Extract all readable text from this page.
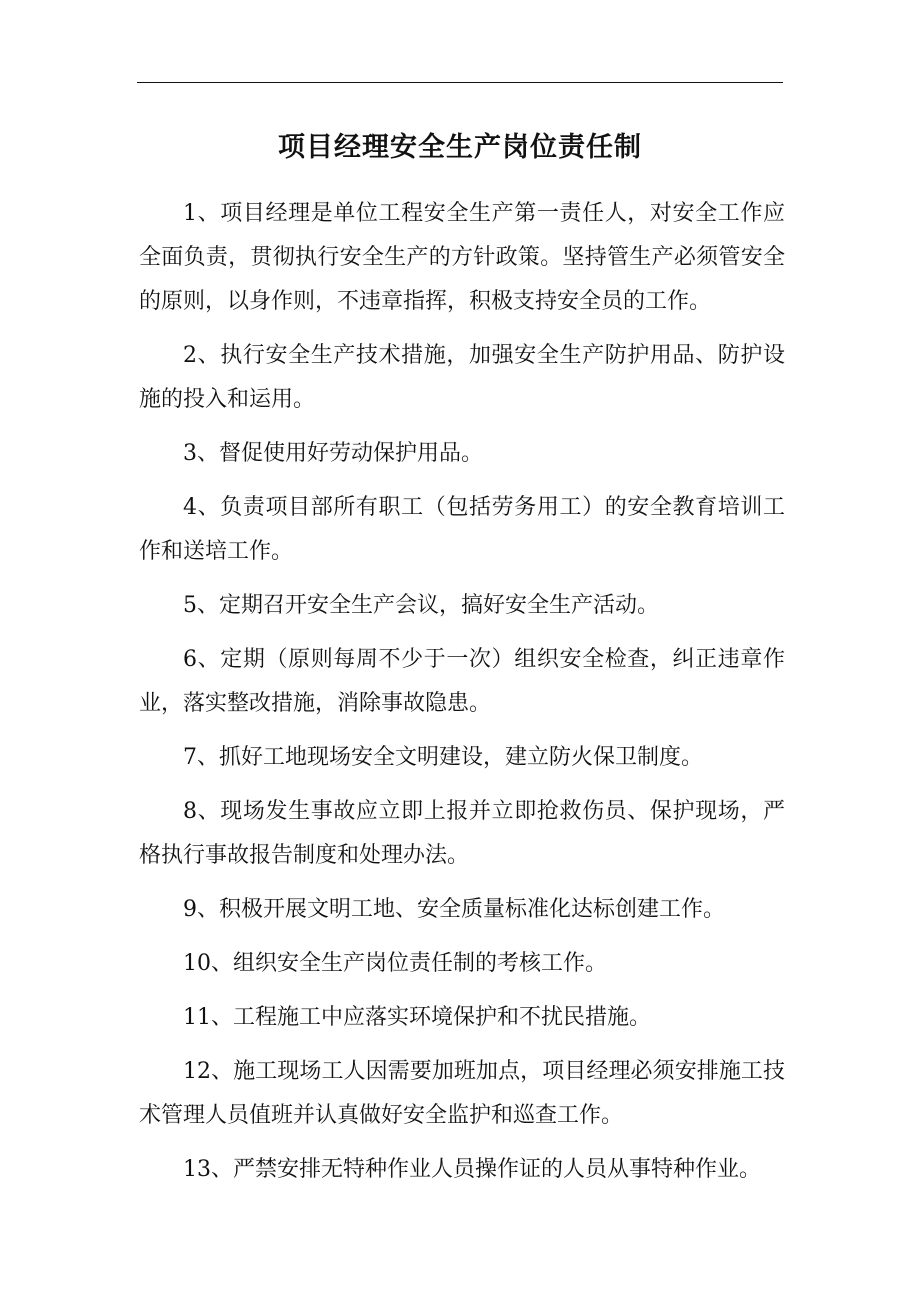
项目经理安全生产岗位责任制

1、项目经理是单位工程安全生产第一责任人，对安全工作应全面负责，贯彻执行安全生产的方针政策。坚持管生产必须管安全的原则，以身作则，不违章指挥，积极支持安全员的工作。

2、执行安全生产技术措施，加强安全生产防护用品、防护设施的投入和运用。

3、督促使用好劳动保护用品。

4、负责项目部所有职工（包括劳务用工）的安全教育培训工作和送培工作。

5、定期召开安全生产会议，搞好安全生产活动。

6、定期（原则每周不少于一次）组织安全检查，纠正违章作业，落实整改措施，消除事故隐患。

7、抓好工地现场安全文明建设，建立防火保卫制度。

8、现场发生事故应立即上报并立即抢救伤员、保护现场，严格执行事故报告制度和处理办法。

9、积极开展文明工地、安全质量标准化达标创建工作。

10、组织安全生产岗位责任制的考核工作。

11、工程施工中应落实环境保护和不扰民措施。

12、施工现场工人因需要加班加点，项目经理必须安排施工技术管理人员值班并认真做好安全监护和巡查工作。

13、严禁安排无特种作业人员操作证的人员从事特种作业。
